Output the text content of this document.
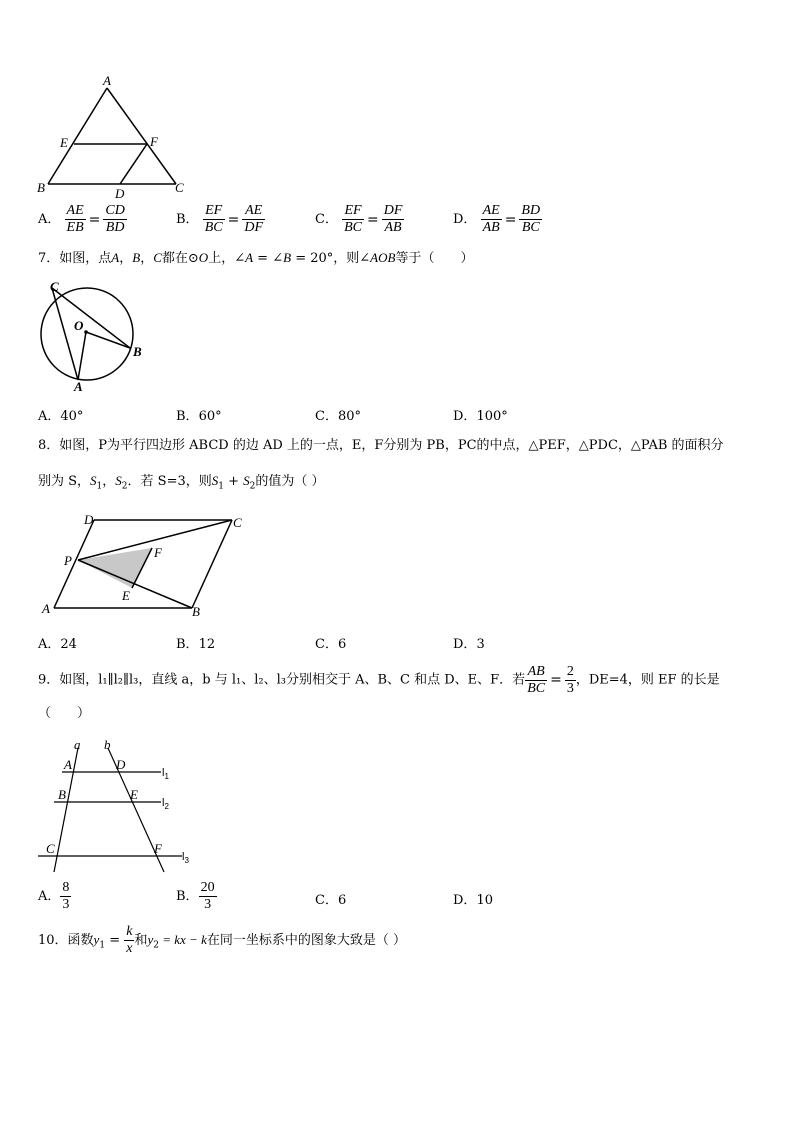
A
E	F
B	D	C
A． $\frac{AE}{EB} = \frac{CD}{BD}$	B． $\frac{EF}{BC} = \frac{AE}{DF}$	C． $\frac{EF}{BC} = \frac{DF}{AB}$	D． $\frac{AE}{AB} = \frac{BD}{BC}$
7．如图，点A，B，C都在⊙O上，∠A = ∠B = 20°，则∠AOB等于（　　）
C
O
B
A
A．40°	B．60°	C．80°	D．100°
8．如图，P为平行四边形 ABCD 的边 AD 上的一点，E，F分别为 PB，PC的中点，△PEF，△PDC，△PAB 的面积分
别为 S，$S_1$，$S_2$．若 S=3，则$S_1 + S_2$的值为（ ）
D	C
P
F
E
A	B
A．24	B．12	C．6	D．3
9．如图，l₁∥l₂∥l₃，直线 a，b 与 l₁、l₂、l₃分别相交于 A、B、C 和点 D、E、F．若 $\frac{AB}{BC} = \frac{2}{3}$ ，DE=4，则 EF 的长是
（　　）
a b
A	D
B	E
C	F
$l_1$
$l_2$
$l_3$
A． $\frac{8}{3}$	B． $\frac{20}{3}$	C．6	D．10
10．函数$y_1 = \frac{k}{x}$ 和$y_2$ = kx − k在同一坐标系中的图象大致是（ ）
